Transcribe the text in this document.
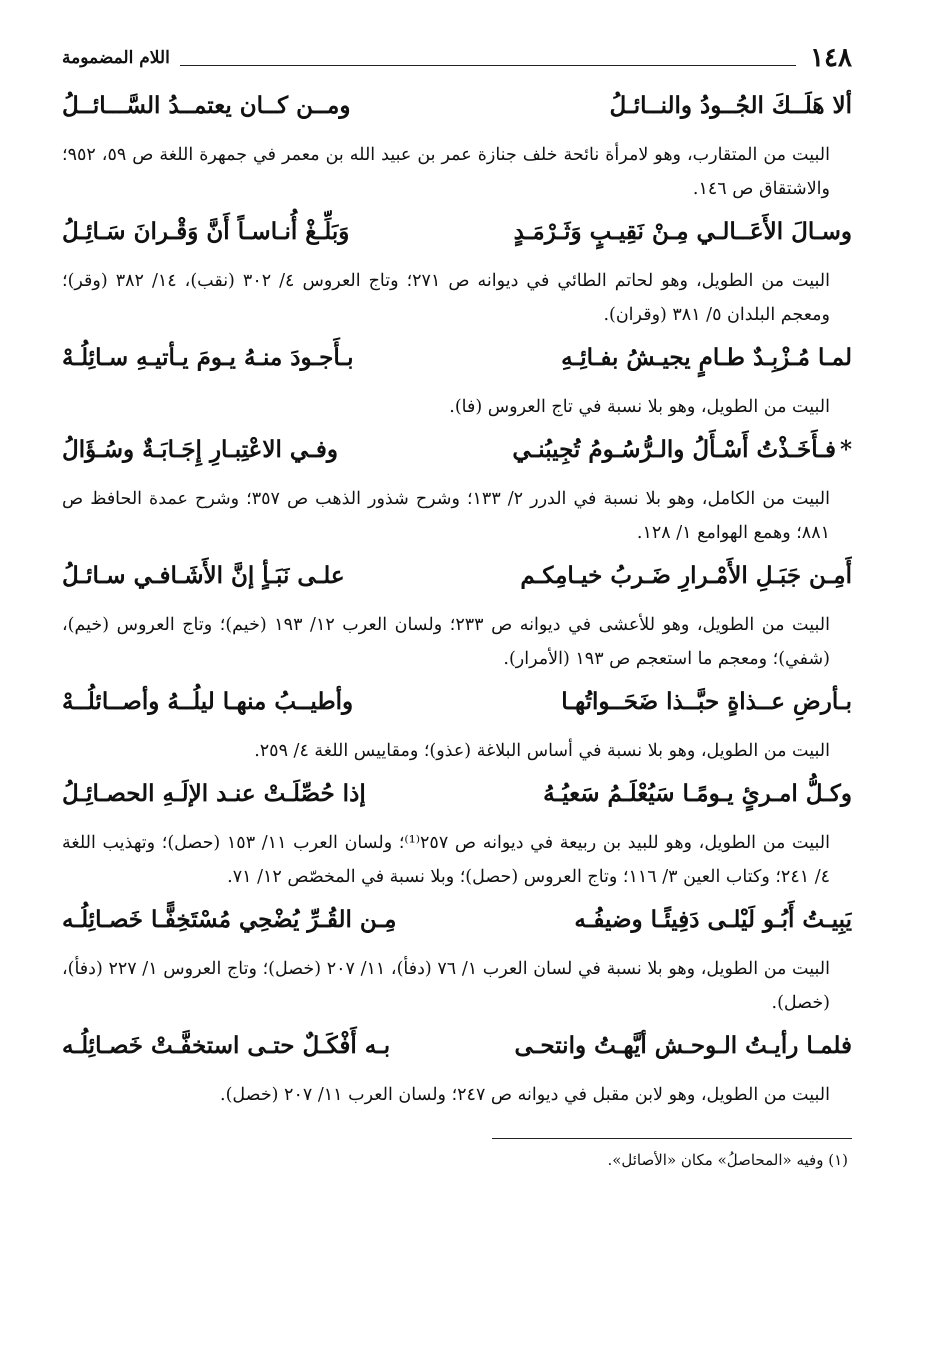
١٤٨
اللام المضمومة
ألا هَلَــكَ الجُــودُ والنــائـلُ
ومــن كــان يعتمــدُ السَّـــائــلُ

البيت من المتقارب، وهو لامرأة نائحة خلف جنازة عمر بن عبيد الله بن معمر في جمهرة اللغة ص ٥٩، ٩٥٢؛ والاشتقاق ص ١٤٦.

وسـالَ الأَعَــالـي مِـنْ نَقِيـبٍ وَثَـرْمَـدٍ
وَبَلِّـغْ أُنـاسـاً أَنَّ وَقْـرانَ سَـائِـلُ

البيت من الطويل، وهو لحاتم الطائي في ديوانه ص ٢٧١؛ وتاج العروس ٤/ ٣٠٢ (نقب)، ١٤/ ٣٨٢ (وقر)؛ ومعجم البلدان ٥/ ٣٨١ (وقران).

لمـا مُـزْبِـدٌ طـامٍ يجيـشُ بفـائِـهِ
بـأَجـودَ منـهُ يـومَ يـأتيـهِ سـائِلُـهْ

البيت من الطويل، وهو بلا نسبة في تاج العروس (فا).

*فـأَخَـذْتُ أَسْـأَلُ والـرُّسُـومُ تُجِيبُنـي
وفـي الاعْتِبـارِ إِجَـابَـةٌ وسُـؤَالُ

البيت من الكامل، وهو بلا نسبة في الدرر ٢/ ١٣٣؛ وشرح شذور الذهب ص ٣٥٧؛ وشرح عمدة الحافظ ص ٨٨١؛ وهمع الهوامع ١/ ١٢٨.

أَمِـن جَبَـلِ الأَمْـرارِ ضَـربُ خيـامِكـم
علـى نَبَـأٍ إنَّ الأَشَـافـي سـائـلُ

البيت من الطويل، وهو للأعشى في ديوانه ص ٢٣٣؛ ولسان العرب ١٢/ ١٩٣ (خيم)؛ وتاج العروس (خيم)، (شفي)؛ ومعجم ما استعجم ص ١٩٣ (الأمرار).

بـأرضِ عــذاةٍ حبَّــذا ضَحَــواتُهـا
وأطيــبُ منهـا ليلُــهُ وأصــائلُــهْ

البيت من الطويل، وهو بلا نسبة في أساس البلاغة (عذو)؛ ومقاييس اللغة ٤/ ٢٥٩.

وكـلُّ امـرئٍ يـومًـا سَيُعْلَـمُ سَعيُـهُ
إذا حُصِّلَـتْ عنـد الإلَـهِ الحصـائِـلُ

البيت من الطويل، وهو للبيد بن ربيعة في ديوانه ص ٢٥٧⁽¹⁾؛ ولسان العرب ١١/ ١٥٣ (حصل)؛ وتهذيب اللغة ٤/ ٢٤١؛ وكتاب العين ٣/ ١١٦؛ وتاج العروس (حصل)؛ وبلا نسبة في المخصّص ١٢/ ٧١.

يَبِيـتُ أَبُـو لَيْلـى دَفِيئًـا وضيفُـه
مِـن القُـرِّ يُضْحِي مُسْتَخِفًّـا خَصـائِلُـه

البيت من الطويل، وهو بلا نسبة في لسان العرب ١/ ٧٦ (دفأ)، ١١/ ٢٠٧ (خصل)؛ وتاج العروس ١/ ٢٢٧ (دفأ)، (خصل).

فلمـا رأيـتُ الـوحـش أيَّهـتُ وانتحـى
بـه أَفْكَـلٌ حتـى استخفَّـتْ خَصـائِلُـه

البيت من الطويل، وهو لابن مقبل في ديوانه ص ٢٤٧؛ ولسان العرب ١١/ ٢٠٧ (خصل).

(١) وفيه «المحاصلُ» مكان «الأصائل».
